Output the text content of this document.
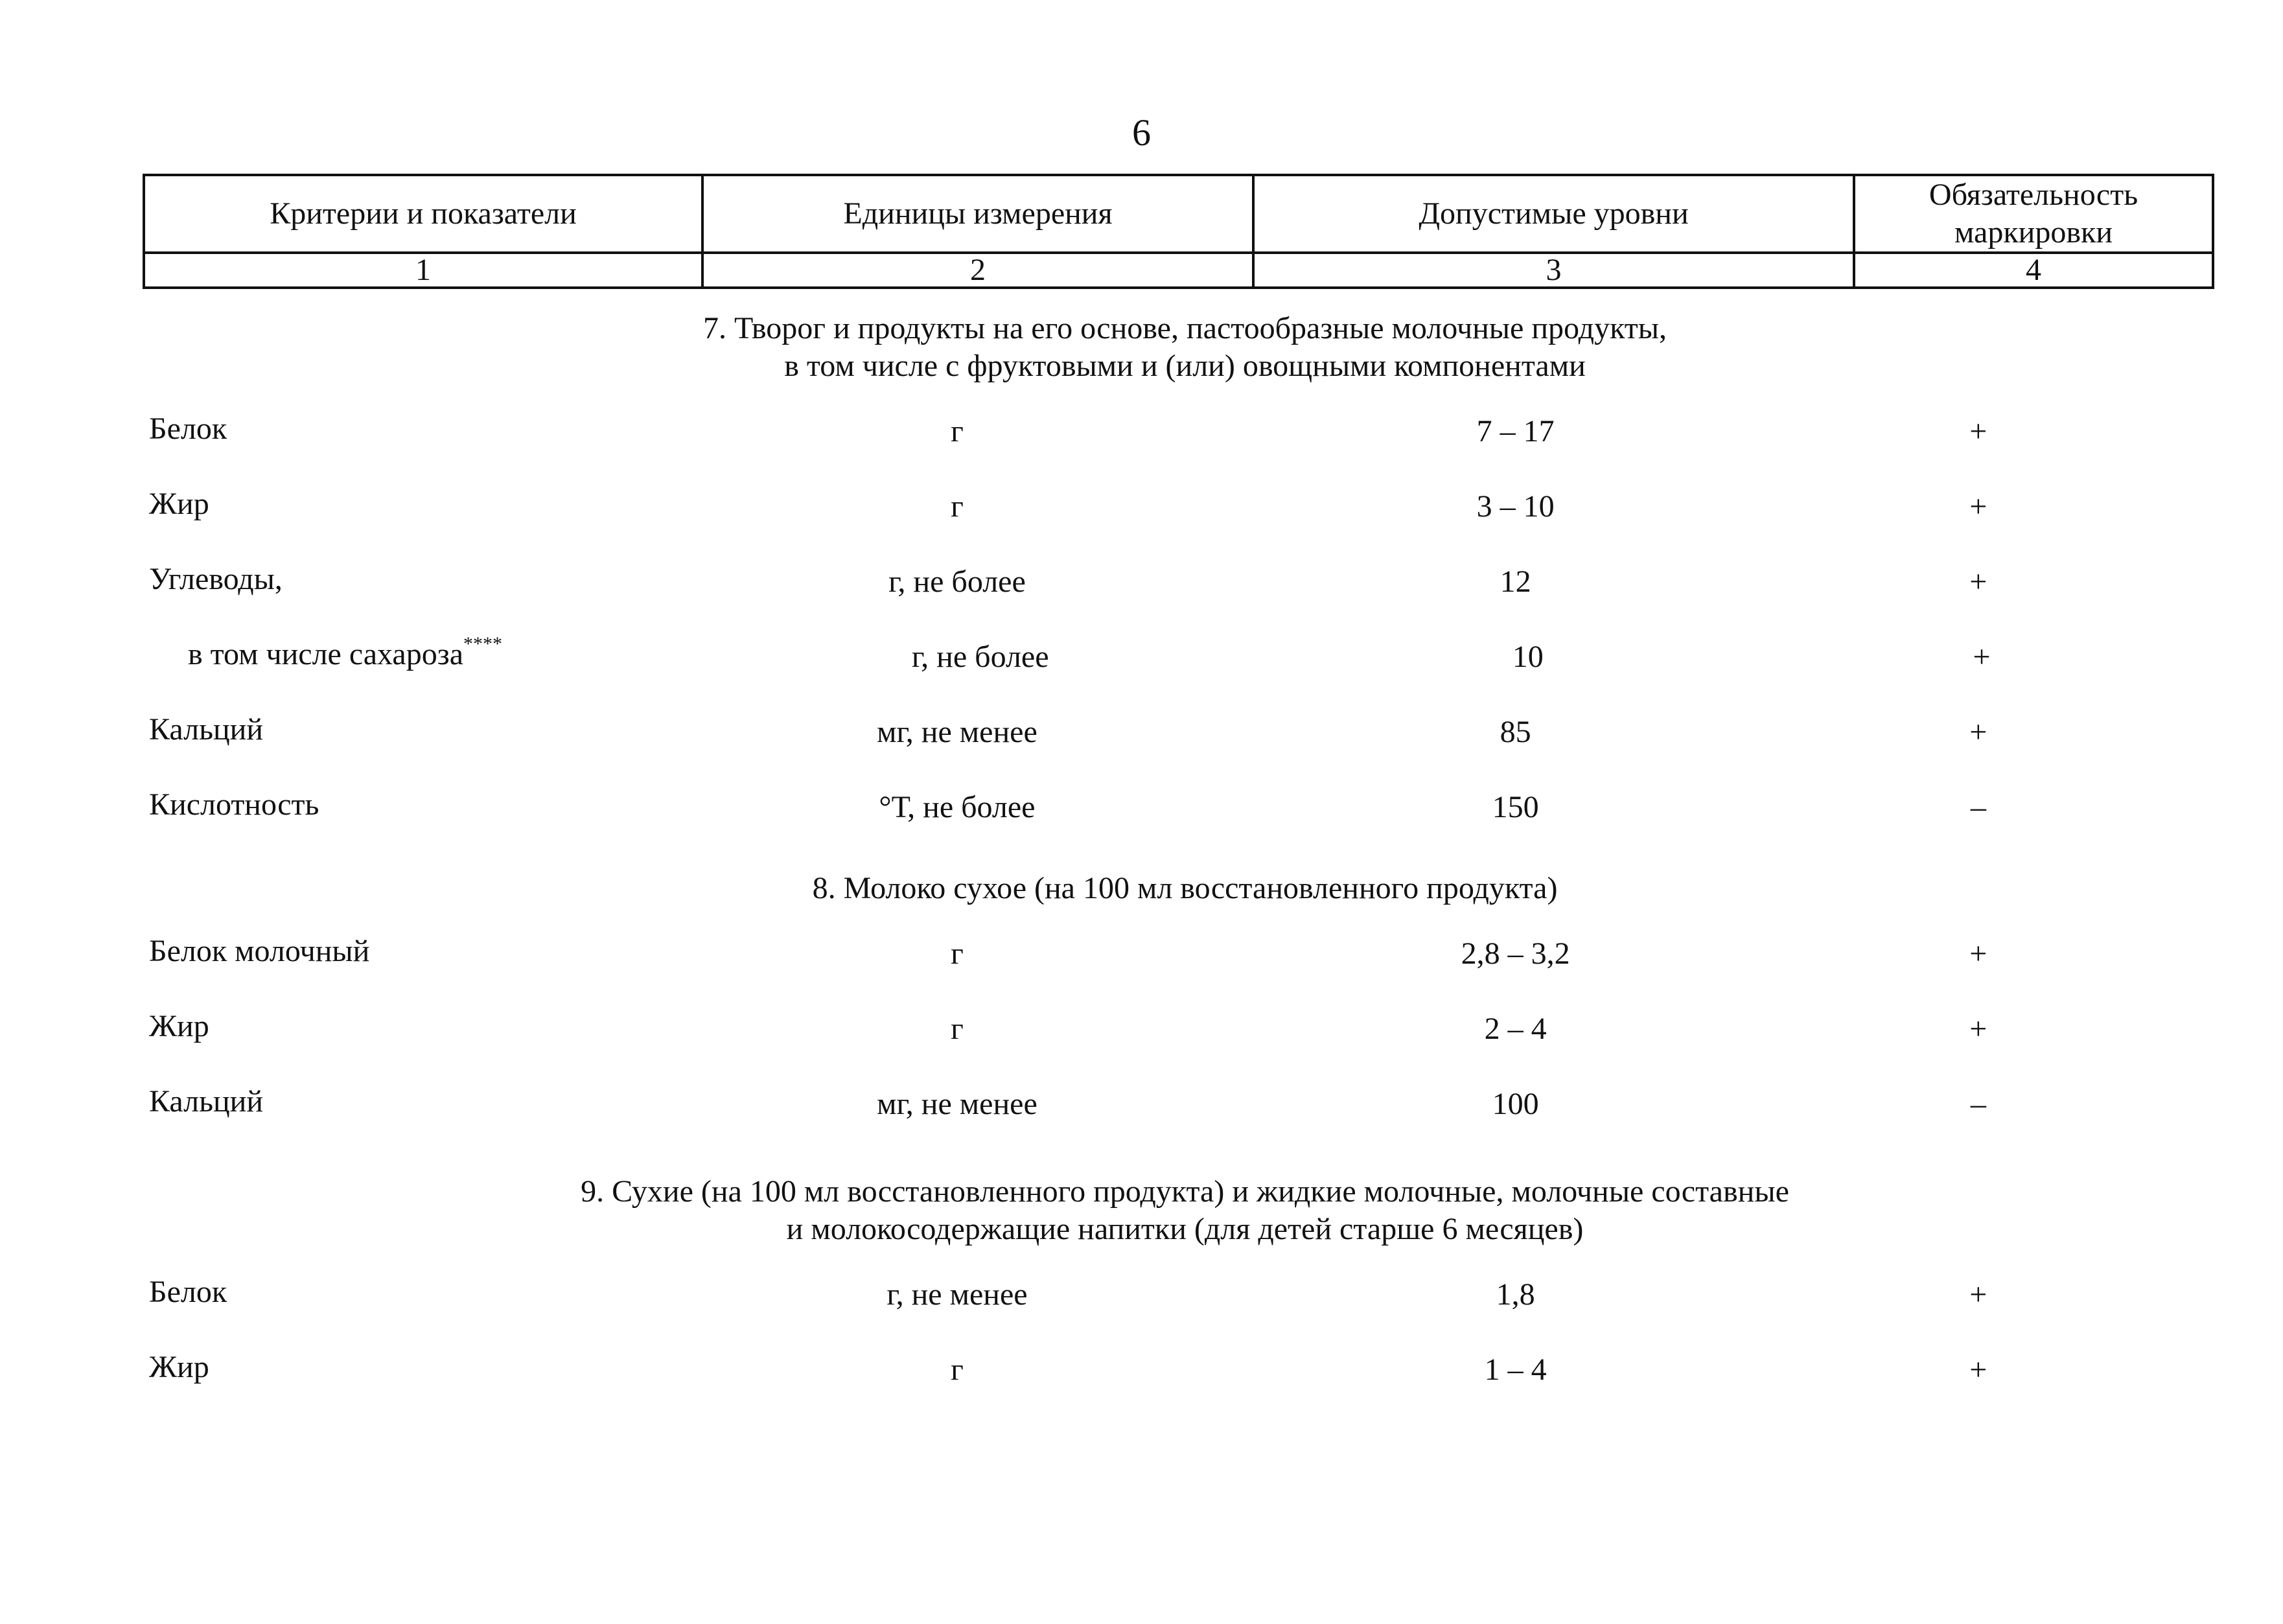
6
Критерии и показатели	Единицы измерения	Допустимые уровни	Обязательность
маркировки

1	2	3	4
7. Творог и продукты на его основе, пастообразные молочные продукты,
в том числе с фруктовыми и (или) овощными компонентами
Белок	г	7 – 17	+
Жир	г	3 – 10	+
Углеводы,	г, не более	12	+
в том числе сахароза****	г, не более	10	+
Кальций	мг, не менее	85	+
Кислотность	°Т, не более	150	–
8. Молоко сухое (на 100 мл восстановленного продукта)
Белок молочный	г	2,8 – 3,2	+
Жир	г	2 – 4	+
Кальций	мг, не менее	100	–
9. Сухие (на 100 мл восстановленного продукта) и жидкие молочные, молочные составные
и молокосодержащие напитки (для детей старше 6 месяцев)
Белок	г, не менее	1,8	+
Жир	г	1 – 4	+
